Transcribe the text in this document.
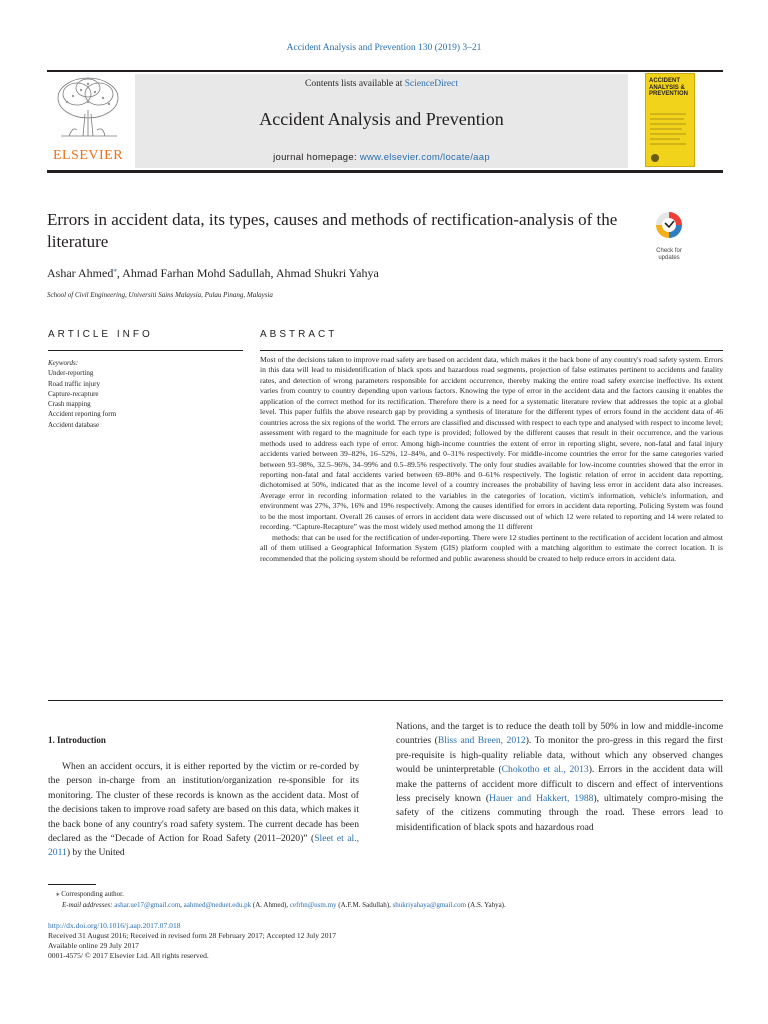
Accident Analysis and Prevention 130 (2019) 3–21
ELSEVIER
Contents lists available at ScienceDirect
Accident Analysis and Prevention
journal homepage: www.elsevier.com/locate/aap
ACCIDENT ANALYSIS & PREVENTION
Errors in accident data, its types, causes and methods of rectification-analysis of the literature	Check for
updates
Ashar Ahmed⁎, Ahmad Farhan Mohd Sadullah, Ahmad Shukri Yahya
School of Civil Engineering, Universiti Sains Malaysia, Pulau Pinang, Malaysia
ARTICLE INFO
Keywords:
Under-reporting
Road traffic injury
Capture-recapture
Crash mapping
Accident reporting form
Accident database
ABSTRACT

Most of the decisions taken to improve road safety are based on accident data, which makes it the back bone of any country's road safety system. Errors in this data will lead to misidentification of black spots and hazardous road segments, projection of false estimates pertinent to accidents and fatality rates, and detection of wrong parameters responsible for accident occurrence, thereby making the entire road safety exercise ineffective. Its extent varies from country to country depending upon various factors. Knowing the type of error in the accident data and the factors causing it enables the application of the correct method for its rectification. Therefore there is a need for a systematic literature review that addresses the topic at a global level. This paper fulfils the above research gap by providing a synthesis of literature for the different types of errors found in the accident data of 46 countries across the six regions of the world. The errors are classified and discussed with respect to each type and analysed with respect to income level; assessment with regard to the magnitude for each type is provided; followed by the different causes that result in their occurrence, and the various methods used to address each type of error. Among high-income countries the extent of error in reporting slight, severe, non-fatal and fatal injury accidents varied between 39–82%, 16–52%, 12–84%, and 0–31% respectively. For middle-income countries the error for the same categories varied between 93–98%, 32.5–96%, 34–99% and 0.5–89.5% respectively. The only four studies available for low-income countries showed that the error in reporting non-fatal and fatal accidents varied between 69–80% and 0–61% respectively. The logistic relation of error in accident data reporting, dichotomised at 50%, indicated that as the income level of a country increases the probability of having less error in accident data also increases. Average error in recording information related to the variables in the categories of location, victim's information, vehicle's information, and environment was 27%, 37%, 16% and 19% respectively. Among the causes identified for errors in accident data reporting, Policing System was found to be the most important. Overall 26 causes of errors in accident data were discussed out of which 12 were related to reporting and 14 were related to recording. “Capture-Recapture” was the most widely used method among the 11 different

methods: that can be used for the rectification of under-reporting. There were 12 studies pertinent to the rectification of accident location and almost all of them utilised a Geographical Information System (GIS) platform coupled with a matching algorithm to estimate the correct location. It is recommended that the policing system should be reformed and public awareness should be created to help reduce errors in accident data.

1. Introduction

When an accident occurs, it is either reported by the victim or re-corded by the person in-charge from an institution/organization re-sponsible for its monitoring. The cluster of these records is known as the accident data. Most of the decisions taken to improve road safety are based on this data, which makes it the back bone of any country's road safety system. The current decade has been declared as the “Decade of Action for Road Safety (2011–2020)” (Sleet et al., 2011) by the United

Nations, and the target is to reduce the death toll by 50% in low and middle-income countries (Bliss and Breen, 2012). To monitor the pro-gress in this regard the first pre-requisite is high-quality reliable data, without which any observed changes would be uninterpretable (Chokotho et al., 2013). Errors in the accident data will make the patterns of accident more difficult to discern and effect of interventions less precisely known (Hauer and Hakkert, 1988), ultimately compro-mising the safety of the citizens commuting through the road. These errors lead to misidentification of black spots and hazardous road

⁎ Corresponding author.
E-mail addresses: ashar.ue17@gmail.com, aahmed@neduet.edu.pk (A. Ahmed), cefrhn@usm.my (A.F.M. Sadullah), shukriyahaya@gmail.com (A.S. Yahya).
http://dx.doi.org/10.1016/j.aap.2017.07.018
Received 31 August 2016; Received in revised form 28 February 2017; Accepted 12 July 2017
Available online 29 July 2017
0001-4575/ © 2017 Elsevier Ltd. All rights reserved.
